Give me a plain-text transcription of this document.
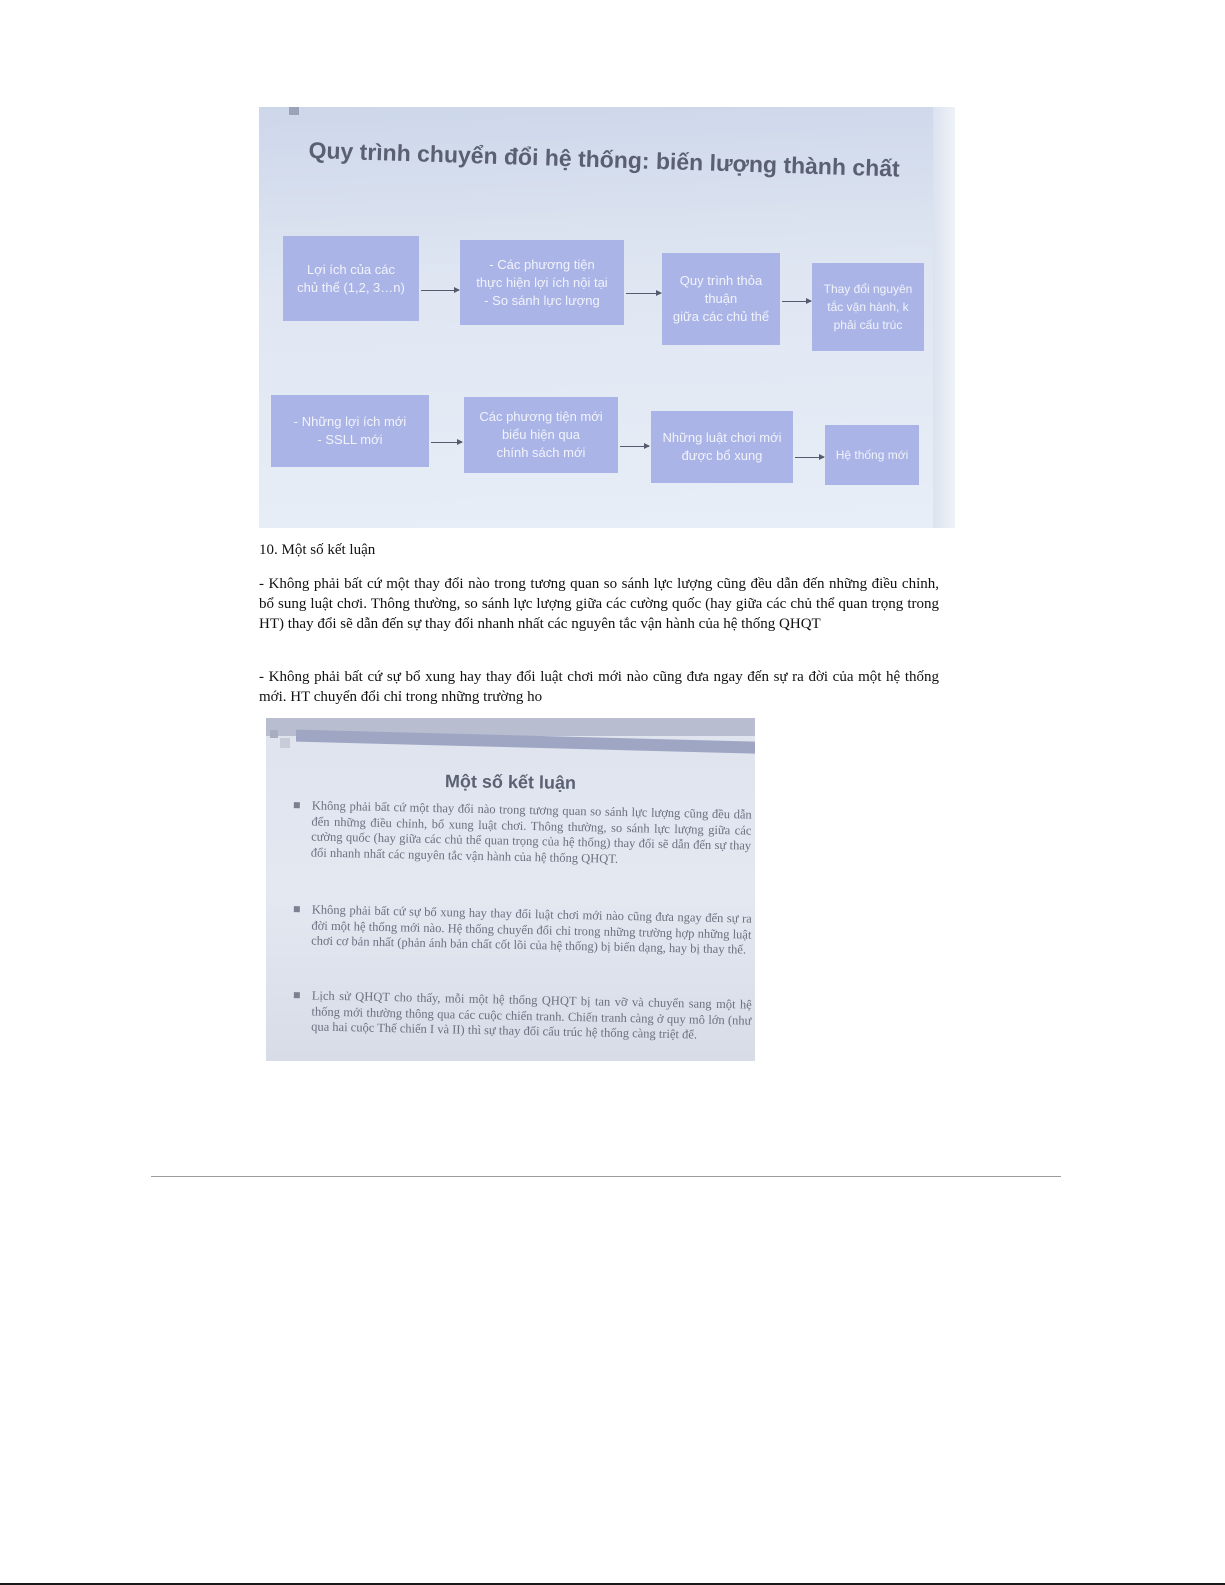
Quy trình chuyển đổi hệ thống: biến lượng thành chất
Lợi ích của các
chủ thể (1,2, 3…n)
- Các phương tiện
thực hiện lợi ích nội tại
- So sánh lực lượng
Quy trình thỏa
thuận
giữa các chủ thể
Thay đổi nguyên
tắc vận hành, k
phải cấu trúc
- Những lợi ích mới
- SSLL mới
Các phương tiện mới
biểu hiện qua
chính sách mới
Những luật chơi mới
được bổ xung	Hệ thống mới
10. Một số kết luận

- Không phải bất cứ một thay đổi nào trong tương quan so sánh lực lượng cũng đều dẫn đến những điều chỉnh, bổ sung luật chơi. Thông thường, so sánh lực lượng giữa các cường quốc (hay giữa các chủ thể quan trọng trong HT) thay đổi sẽ dẫn đến sự thay đổi nhanh nhất các nguyên tắc vận hành của hệ thống QHQT

- Không phải bất cứ sự bổ xung hay thay đổi luật chơi mới nào cũng đưa ngay đến sự ra đời của một hệ thống mới. HT chuyển đổi chỉ trong những trường ho

Một số kết luận
Không phải bất cứ một thay đổi nào trong tương quan so sánh lực lượng cũng đều dẫn đến những điều chỉnh, bổ xung luật chơi. Thông thường, so sánh lực lượng giữa các cường quốc (hay giữa các chủ thể quan trọng của hệ thống) thay đổi sẽ dẫn đến sự thay đổi nhanh nhất các nguyên tắc vận hành của hệ thống QHQT.
Không phải bất cứ sự bổ xung hay thay đổi luật chơi mới nào cũng đưa ngay đến sự ra đời một hệ thống mới nào. Hệ thống chuyển đổi chỉ trong những trường hợp những luật chơi cơ bản nhất (phản ánh bản chất cốt lõi của hệ thống) bị biến dạng, hay bị thay thế.
Lịch sử QHQT cho thấy, mỗi một hệ thống QHQT bị tan vỡ và chuyển sang một hệ thống mới thường thông qua các cuộc chiến tranh. Chiến tranh càng ở quy mô lớn (như qua hai cuộc Thế chiến I và II) thì sự thay đổi cấu trúc hệ thống càng triệt để.
